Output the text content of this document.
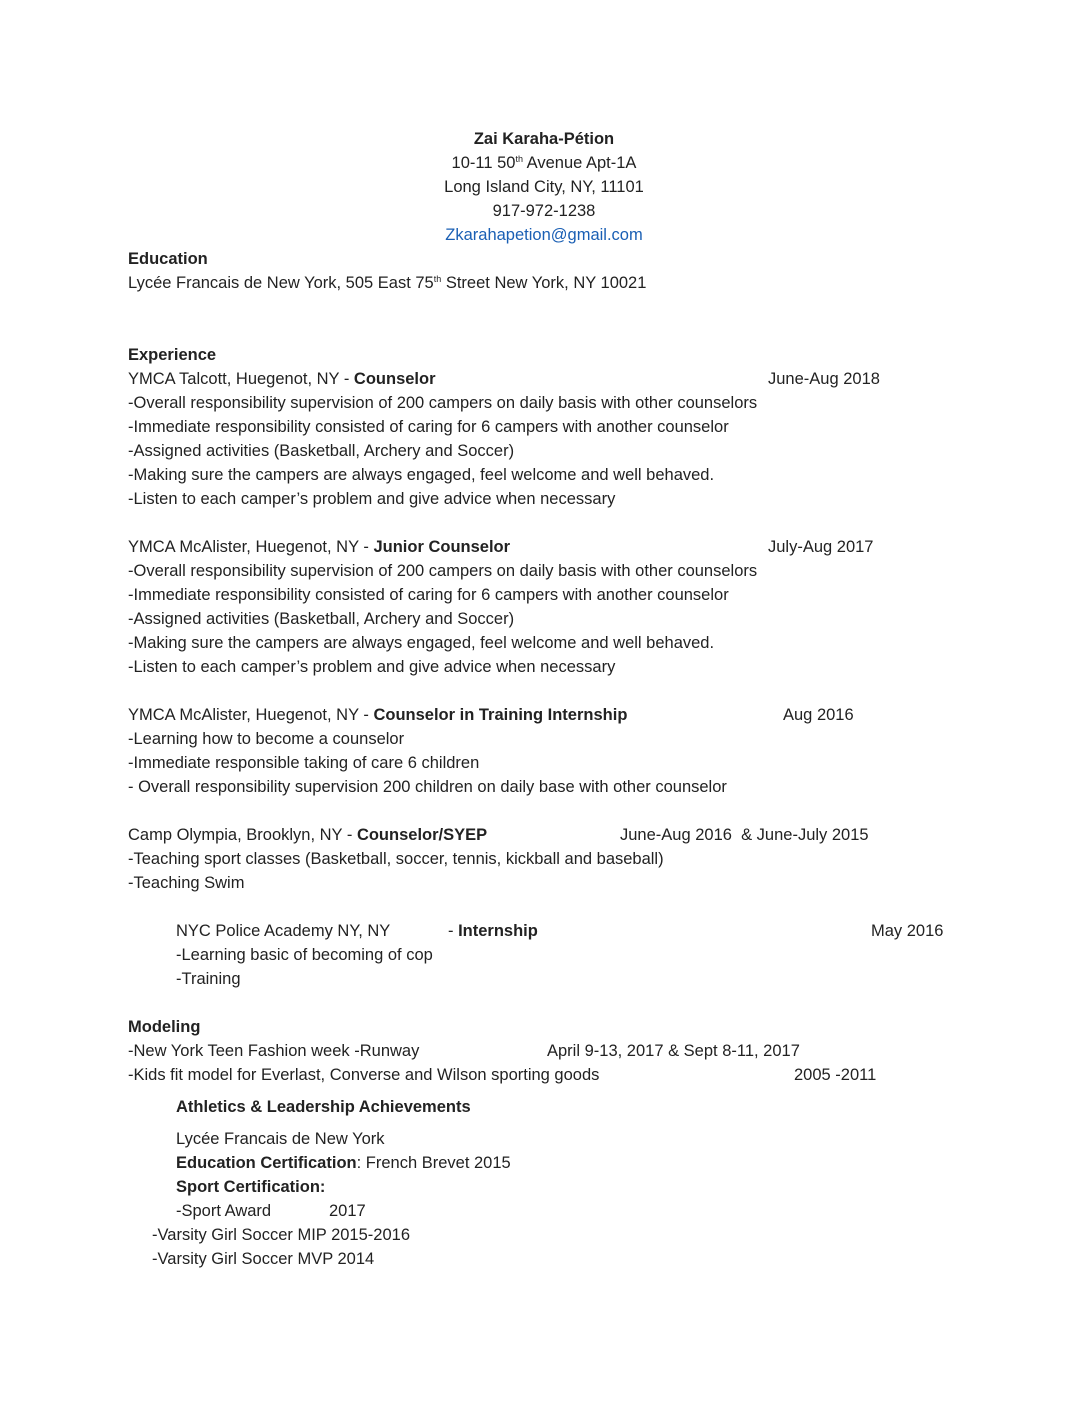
Zai Karaha-Pétion
10-11 50th Avenue Apt-1A
Long Island City, NY, 11101
917-972-1238
Zkarahapetion@gmail.com
Education
Lycée Francais de New York, 505 East 75th Street New York, NY 10021
Experience
YMCA Talcott, Huegenot, NY - Counselor	June-Aug 2018
-Overall responsibility supervision of 200 campers on daily basis with other counselors
-Immediate responsibility consisted of caring for 6 campers with another counselor
-Assigned activities (Basketball, Archery and Soccer)
-Making sure the campers are always engaged, feel welcome and well behaved.
-Listen to each camper’s problem and give advice when necessary
YMCA McAlister, Huegenot, NY - Junior Counselor	July-Aug 2017
-Overall responsibility supervision of 200 campers on daily basis with other counselors
-Immediate responsibility consisted of caring for 6 campers with another counselor
-Assigned activities (Basketball, Archery and Soccer)
-Making sure the campers are always engaged, feel welcome and well behaved.
-Listen to each camper’s problem and give advice when necessary
YMCA McAlister, Huegenot, NY - Counselor in Training Internship	Aug 2016
-Learning how to become a counselor
-Immediate responsible taking of care 6 children
- Overall responsibility supervision 200 children on daily base with other counselor
Camp Olympia, Brooklyn, NY - Counselor/SYEP	June-Aug 2016  & June-July 2015
-Teaching sport classes (Basketball, soccer, tennis, kickball and baseball)
-Teaching Swim
NYC Police Academy NY, NY	- Internship	May 2016
-Learning basic of becoming of cop
-Training
Modeling
-New York Teen Fashion week -Runway	April 9-13, 2017 & Sept 8-11, 2017
-Kids fit model for Everlast, Converse and Wilson sporting goods	2005 -2011
Athletics & Leadership Achievements
Lycée Francais de New York
Education Certification: French Brevet 2015
Sport Certification:
-Sport Award	2017
-Varsity Girl Soccer MIP 2015-2016
-Varsity Girl Soccer MVP 2014
